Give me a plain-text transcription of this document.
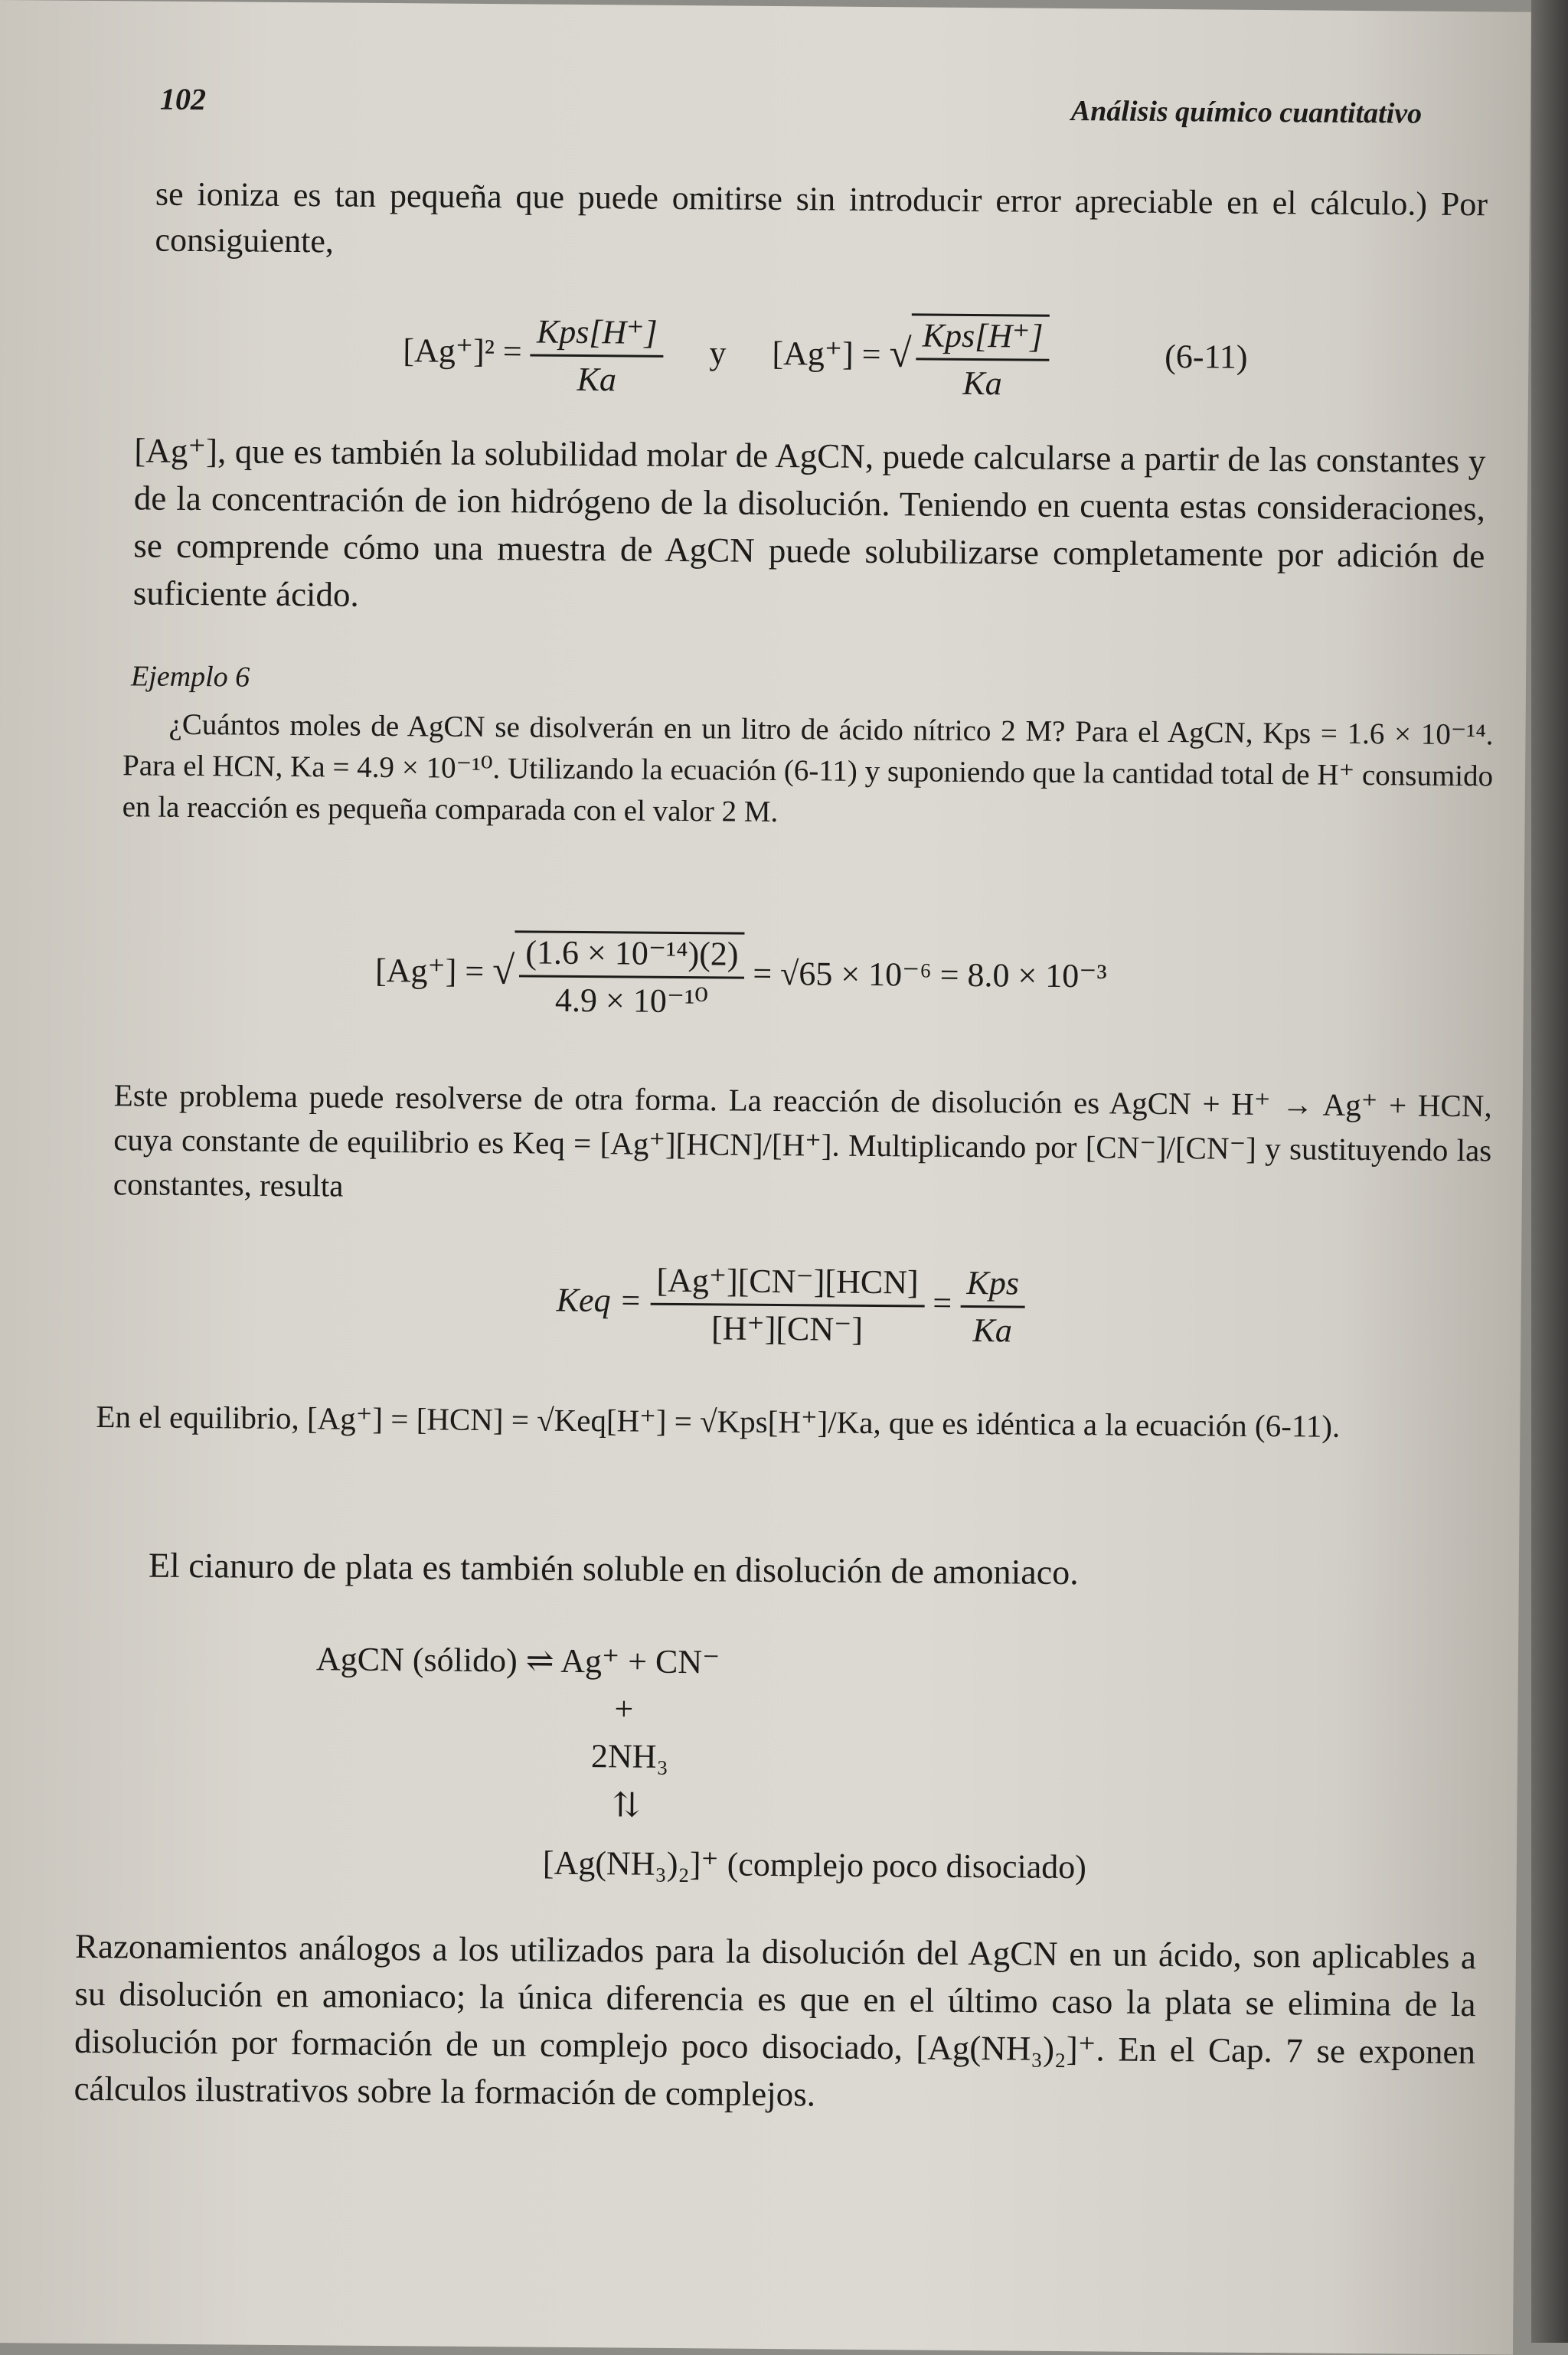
102	Análisis químico cuantitativo
se ioniza es tan pequeña que puede omitirse sin introducir error apreciable en el cálculo.) Por consiguiente,
$[Ag^+]^2 = \frac{\text{Kps[H⁺]}}{Ka}$ y [Ag⁺] = √ $\frac{\text{Kps[H⁺]}}{Ka}$	(6-11)
[Ag⁺], que es también la solubilidad molar de AgCN, puede calcularse a partir de las constantes y de la concentración de ion hidrógeno de la disolución. Teniendo en cuenta estas consideraciones, se comprende cómo una muestra de AgCN puede solubilizarse completamente por adición de suficiente ácido.
Ejemplo 6
¿Cuántos moles de AgCN se disolverán en un litro de ácido nítrico 2 M? Para el AgCN, Kps = 1.6 × 10⁻¹⁴. Para el HCN, Ka = 4.9 × 10⁻¹⁰. Utilizando la ecuación (6-11) y suponiendo que la cantidad total de H⁺ consumido en la reacción es pequeña comparada con el valor 2 M.
[Ag⁺] = √ $\frac{\text{(1.6 × 10⁻¹⁴)(2)}}{\text{4.9 × 10⁻¹⁰}} = √65 \times 10^{-6} = 8.0 \times 10^{-3}$
Este problema puede resolverse de otra forma. La reacción de disolución es AgCN + H⁺ → Ag⁺ + HCN, cuya constante de equilibrio es Keq = [Ag⁺][HCN]/[H⁺]. Multiplicando por [CN⁻]/[CN⁻] y sustituyendo las constantes, resulta
Keq = $\frac{\text{[Ag⁺][CN⁻][HCN]}}{[H^+][CN^-]} = \frac{\text{Kps}}{Ka}$
En el equilibrio, [Ag⁺] = [HCN] = √Keq[H⁺] = √Kps[H⁺]/Ka, que es idéntica a la ecuación (6-11).
El cianuro de plata es también soluble en disolución de amoniaco.
AgCN (sólido) ⇌ Ag⁺ + CN⁻
+
2NH₃
⇅
[Ag(NH₃)₂]⁺ (complejo poco disociado)
Razonamientos análogos a los utilizados para la disolución del AgCN en un ácido, son aplicables a su disolución en amoniaco; la única diferencia es que en el último caso la plata se elimina de la disolución por formación de un complejo poco disociado, [Ag(NH₃)₂]⁺. En el Cap. 7 se exponen cálculos ilustrativos sobre la formación de complejos.
